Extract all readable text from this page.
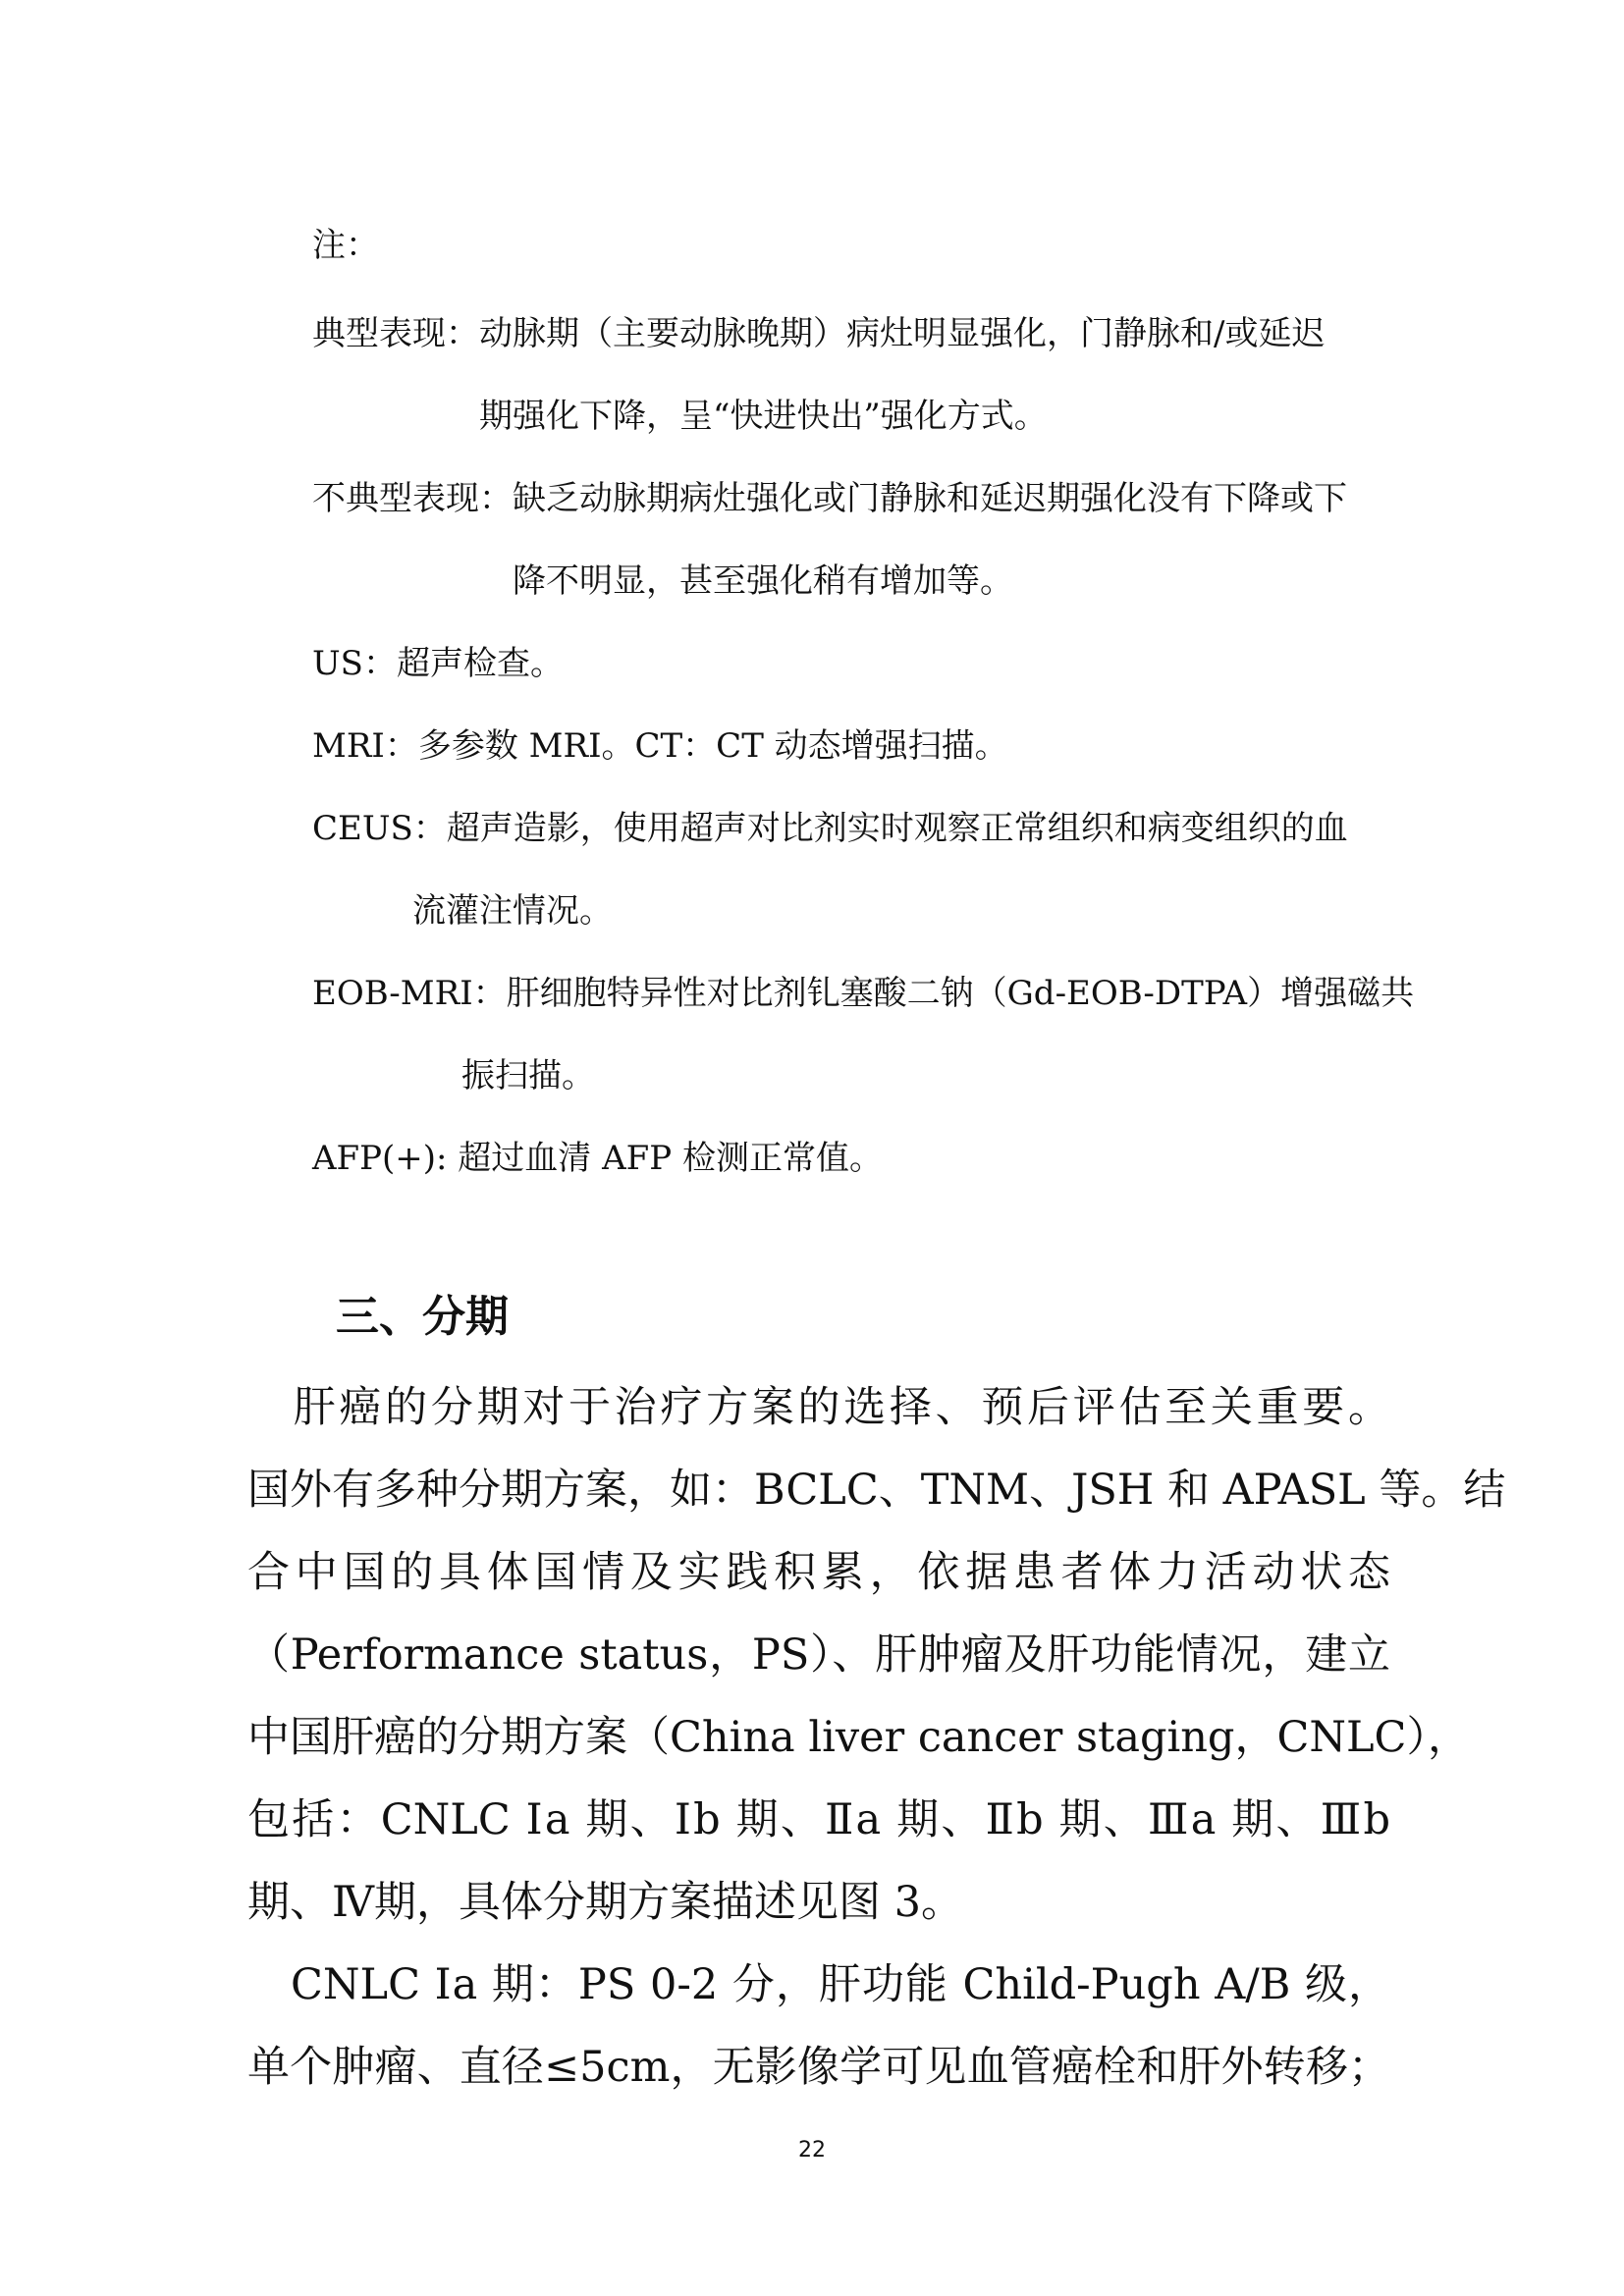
注：
典型表现：动脉期（主要动脉晚期）病灶明显强化，门静脉和/或延迟
期强化下降，呈“快进快出”强化方式。
不典型表现：缺乏动脉期病灶强化或门静脉和延迟期强化没有下降或下
降不明显，甚至强化稍有增加等。
US：超声检查。
MRI：多参数 MRI。CT：CT 动态增强扫描。
CEUS：超声造影，使用超声对比剂实时观察正常组织和病变组织的血
流灌注情况。
EOB-MRI：肝细胞特异性对比剂钆塞酸二钠（Gd-EOB-DTPA）增强磁共
振扫描。
AFP(+): 超过血清 AFP 检测正常值。
三、分期

　肝癌的分期对于治疗方案的选择、预后评估至关重要。

国外有多种分期方案，如：BCLC、TNM、JSH 和 APASL 等。结

合中国的具体国情及实践积累，依据患者体力活动状态

（Performance status，PS）、肝肿瘤及肝功能情况，建立

中国肝癌的分期方案（China liver cancer staging，CNLC），

包括：CNLC Ⅰa 期、Ⅰb 期、Ⅱa 期、Ⅱb 期、Ⅲa 期、Ⅲb

期、Ⅳ期，具体分期方案描述见图 3。

　CNLC Ⅰa 期：PS 0-2 分，肝功能 Child-Pugh A/B 级，

单个肿瘤、直径≤5cm，无影像学可见血管癌栓和肝外转移；

22
